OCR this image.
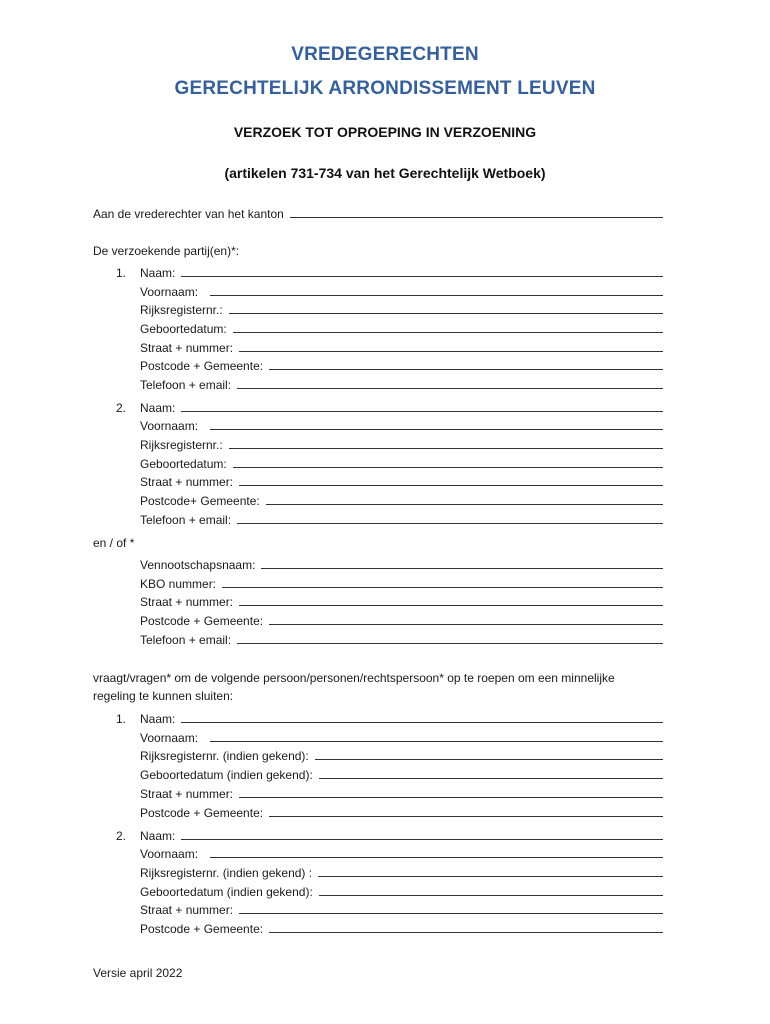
VREDEGERECHTEN
GERECHTELIJK ARRONDISSEMENT LEUVEN
VERZOEK TOT OPROEPING IN VERZOENING
(artikelen 731-734 van het Gerechtelijk Wetboek)
Aan de vrederechter van het kanton
De verzoekende partij(en)*:
1. Naam:
Voornaam:
Rijksregisternr.:
Geboortedatum:
Straat + nummer:
Postcode + Gemeente:
Telefoon + email:
2. Naam:
Voornaam:
Rijksregisternr.:
Geboortedatum:
Straat + nummer:
Postcode+ Gemeente:
Telefoon + email:
en / of *
Vennootschapsnaam:
KBO nummer:
Straat + nummer:
Postcode + Gemeente:
Telefoon + email:
vraagt/vragen* om de volgende persoon/personen/rechtspersoon* op te roepen om een minnelijke
regeling te kunnen sluiten:
1. Naam:
Voornaam:
Rijksregisternr. (indien gekend):
Geboortedatum (indien gekend):
Straat + nummer:
Postcode + Gemeente:
2. Naam:
Voornaam:
Rijksregisternr. (indien gekend) :
Geboortedatum (indien gekend):
Straat + nummer:
Postcode + Gemeente:
Versie april 2022
